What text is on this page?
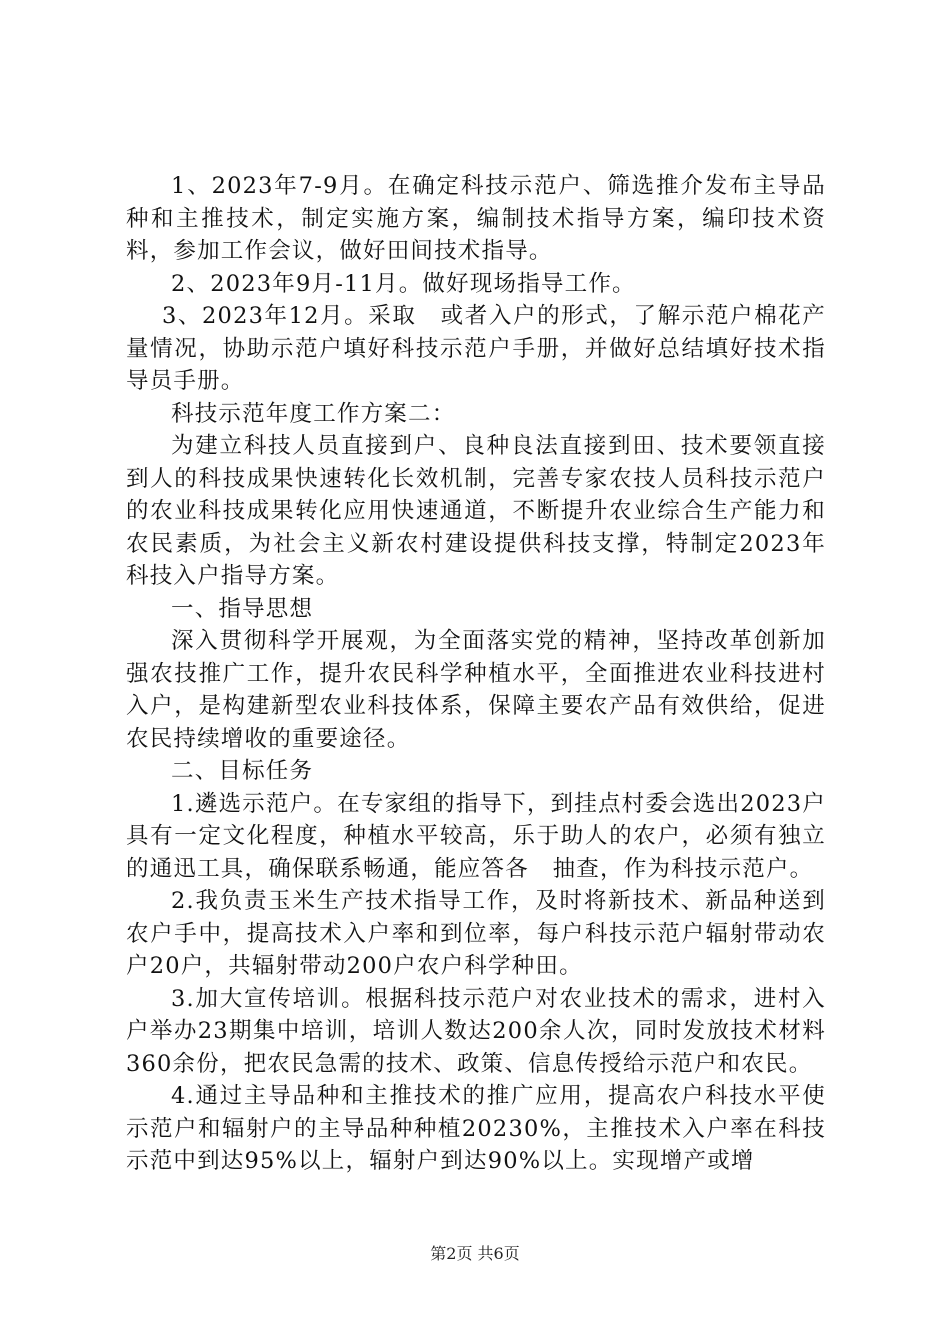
1、2023年7-9月。在确定科技示范户、筛选推介发布主导品种和主推技术，制定实施方案，编制技术指导方案，编印技术资料，参加工作会议，做好田间技术指导。

2、2023年9月-11月。做好现场指导工作。

3、2023年12月。采取　或者入户的形式，了解示范户棉花产量情况，协助示范户填好科技示范户手册，并做好总结填好技术指导员手册。

科技示范年度工作方案二：

为建立科技人员直接到户、良种良法直接到田、技术要领直接到人的科技成果快速转化长效机制，完善专家农技人员科技示范户的农业科技成果转化应用快速通道，不断提升农业综合生产能力和农民素质，为社会主义新农村建设提供科技支撑，特制定2023年科技入户指导方案。

一、指导思想

深入贯彻科学开展观，为全面落实党的精神，坚持改革创新加强农技推广工作，提升农民科学种植水平，全面推进农业科技进村入户，是构建新型农业科技体系，保障主要农产品有效供给，促进农民持续增收的重要途径。

二、目标任务

1.遴选示范户。在专家组的指导下，到挂点村委会选出2023户具有一定文化程度，种植水平较高，乐于助人的农户，必须有独立的通迅工具，确保联系畅通，能应答各　抽查，作为科技示范户。

2.我负责玉米生产技术指导工作，及时将新技术、新品种送到农户手中，提高技术入户率和到位率，每户科技示范户辐射带动农户20户，共辐射带动200户农户科学种田。

3.加大宣传培训。根据科技示范户对农业技术的需求，进村入户举办23期集中培训，培训人数达200余人次，同时发放技术材料360余份，把农民急需的技术、政策、信息传授给示范户和农民。

4.通过主导品种和主推技术的推广应用，提高农户科技水平使示范户和辐射户的主导品种种植20230%，主推技术入户率在科技示范中到达95%以上，辐射户到达90%以上。实现增产或增

第2页 共6页
